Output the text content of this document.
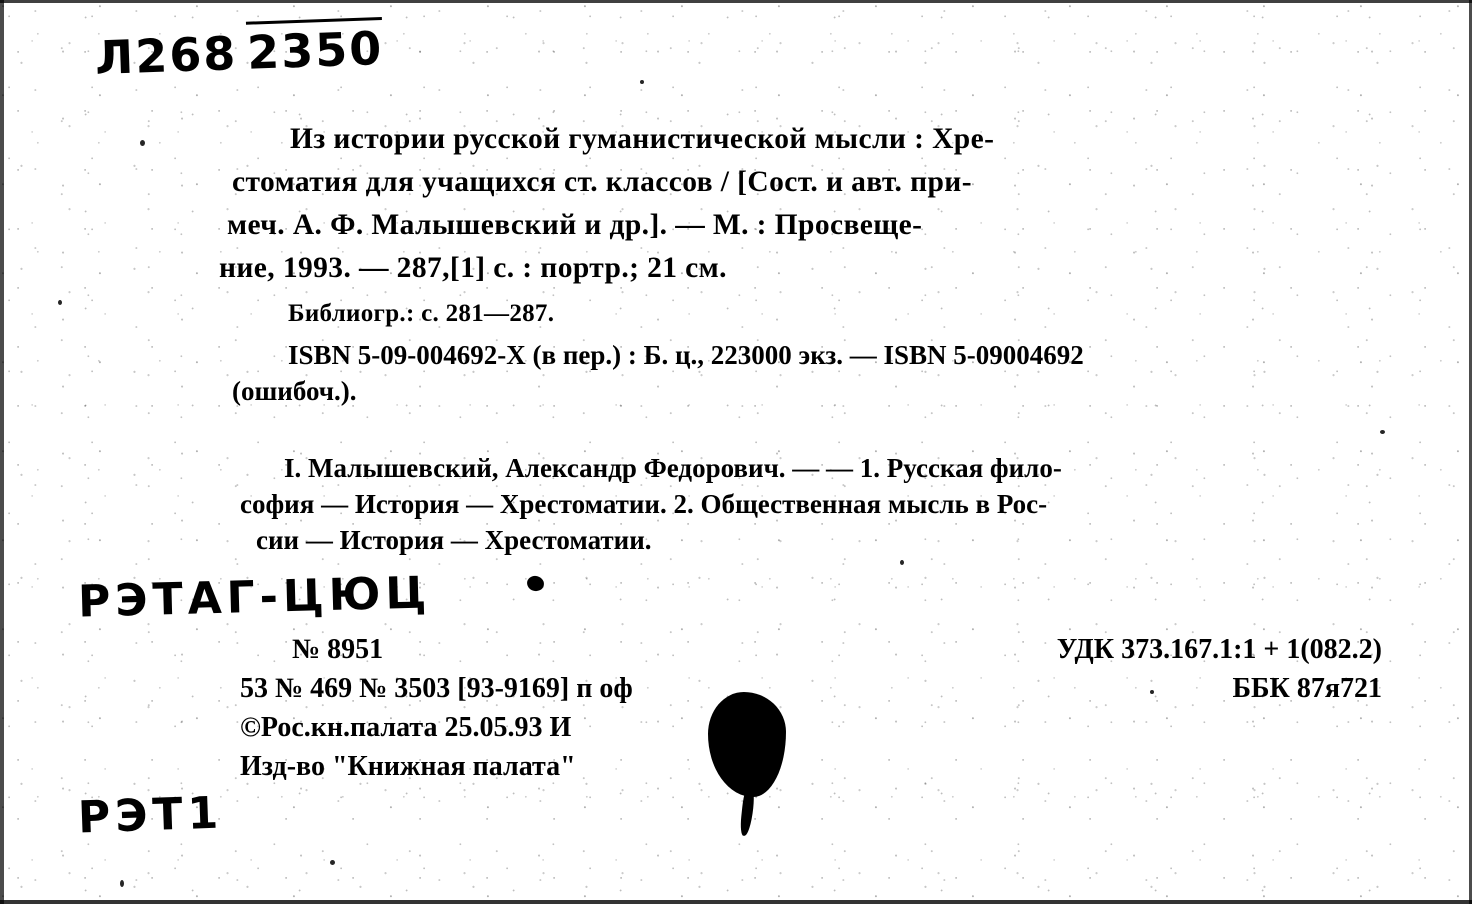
Л268 2350
Из истории русской гуманистической мысли : Хре-
стоматия для учащихся ст. классов / [Сост. и авт. при-
меч. А. Ф. Малышевский и др.]. — М. : Просвеще-
ние, 1993. — 287,[1] с. : портр.; 21 см.
Библиогр.: с. 281—287.
ISBN 5-09-004692-X (в пер.) : Б. ц., 223000 экз. — ISBN 5-09004692
(ошибоч.).
I. Малышевский, Александр Федорович. — — 1. Русская фило-
софия — История — Хрестоматии. 2. Общественная мысль в Рос-
сии — История — Хрестоматии.
РЭТАГ-ЦЮЦ
№ 8951
53 № 469 № 3503 [93-9169] п оф
©Рос.кн.палата 25.05.93 И
Изд-во "Книжная палата"
УДК 373.167.1:1 + 1(082.2)
ББК 87я721
РЭТ1
